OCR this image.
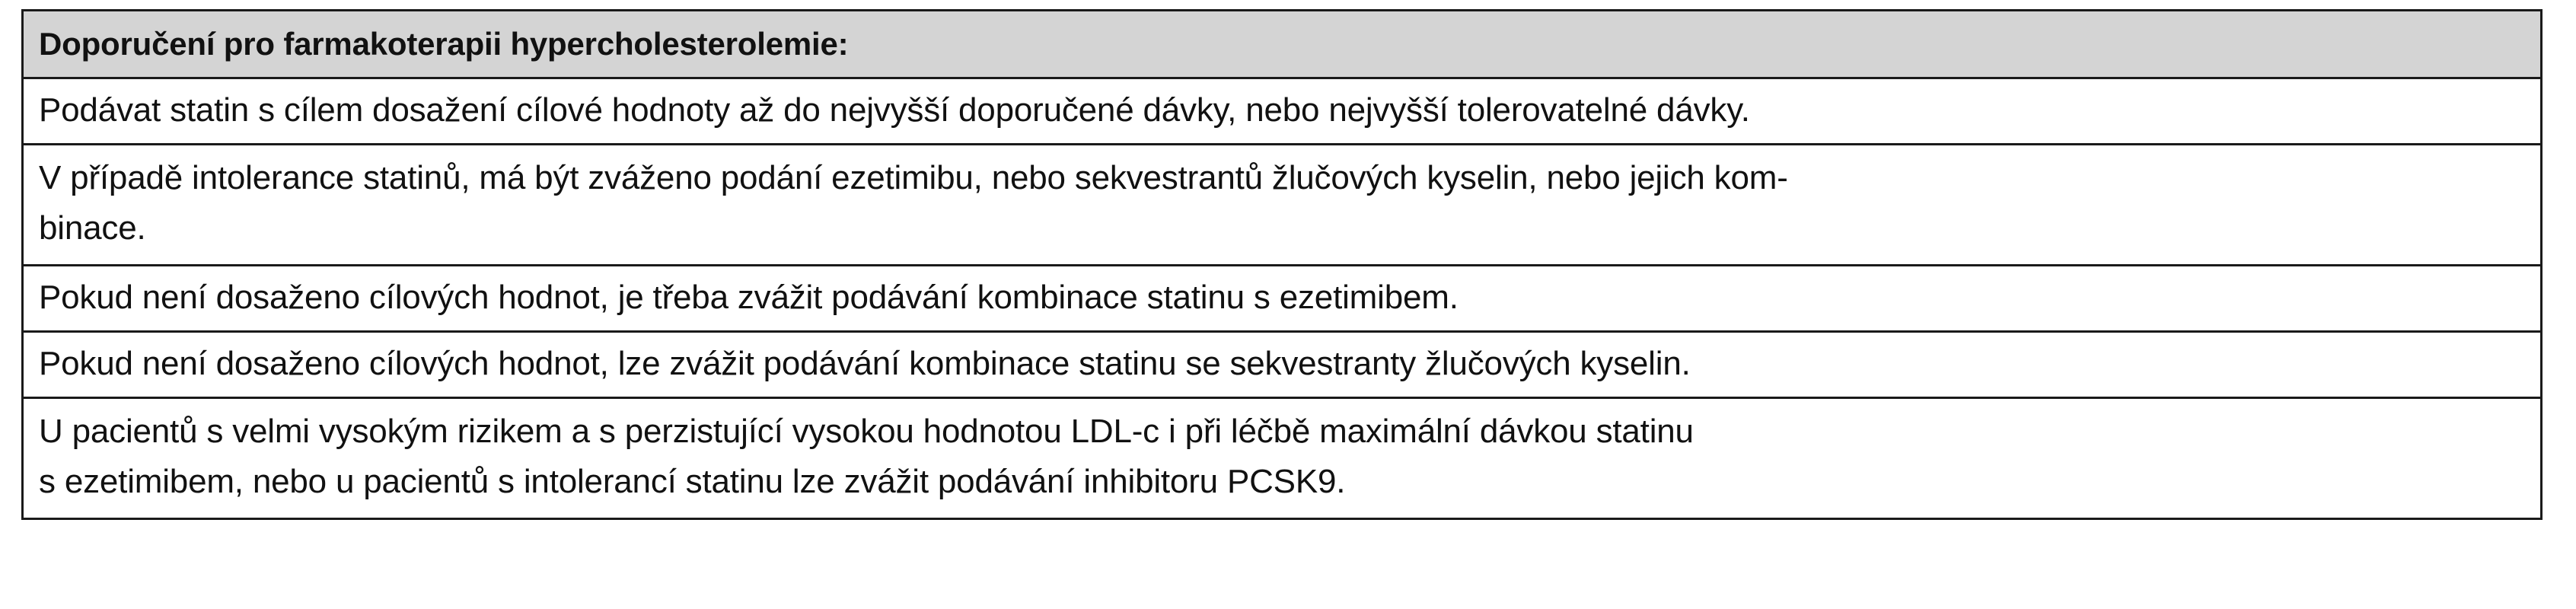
Doporučení pro farmakoterapii hypercholesterolemie:
Podávat statin s cílem dosažení cílové hodnoty až do nejvyšší doporučené dávky, nebo nejvyšší tolerovatelné dávky.
V případě intolerance statinů, má být zváženo podání ezetimibu, nebo sekvestrantů žlučových kyselin, nebo jejich kom-
binace.
Pokud není dosaženo cílových hodnot, je třeba zvážit podávání kombinace statinu s ezetimibem.
Pokud není dosaženo cílových hodnot, lze zvážit podávání kombinace statinu se sekvestranty žlučových kyselin.
U pacientů s velmi vysokým rizikem a s perzistující vysokou hodnotou LDL-c i při léčbě maximální dávkou statinu
s ezetimibem, nebo u pacientů s intolerancí statinu lze zvážit podávání inhibitoru PCSK9.
